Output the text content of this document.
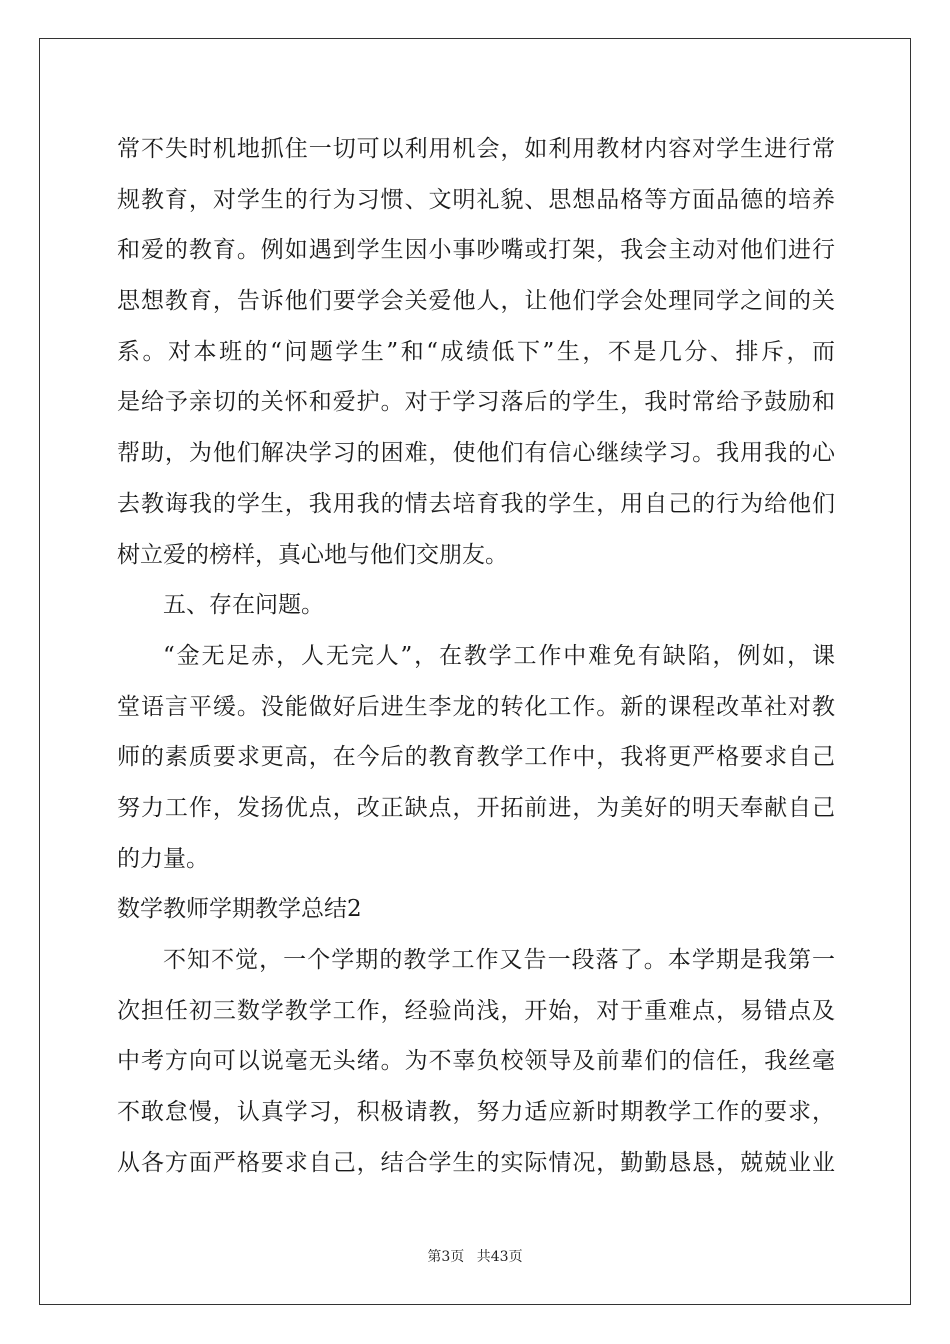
常不失时机地抓住一切可以利用机会，如利用教材内容对学生进行常
规教育，对学生的行为习惯、文明礼貌、思想品格等方面品德的培养
和爱的教育。例如遇到学生因小事吵嘴或打架，我会主动对他们进行
思想教育，告诉他们要学会关爱他人，让他们学会处理同学之间的关
系。对本班的“问题学生”和“成绩低下”生，不是几分、排斥，而
是给予亲切的关怀和爱护。对于学习落后的学生，我时常给予鼓励和
帮助，为他们解决学习的困难，使他们有信心继续学习。我用我的心
去教诲我的学生，我用我的情去培育我的学生，用自己的行为给他们
树立爱的榜样，真心地与他们交朋友。
五、存在问题。
“金无足赤，人无完人”，在教学工作中难免有缺陷，例如，课
堂语言平缓。没能做好后进生李龙的转化工作。新的课程改革社对教
师的素质要求更高，在今后的教育教学工作中，我将更严格要求自己
努力工作，发扬优点，改正缺点，开拓前进，为美好的明天奉献自己
的力量。
数学教师学期教学总结2
不知不觉，一个学期的教学工作又告一段落了。本学期是我第一
次担任初三数学教学工作，经验尚浅，开始，对于重难点，易错点及
中考方向可以说毫无头绪。为不辜负校领导及前辈们的信任，我丝毫
不敢怠慢，认真学习，积极请教，努力适应新时期教学工作的要求，
从各方面严格要求自己，结合学生的实际情况，勤勤恳恳，兢兢业业
第3页 共43页
